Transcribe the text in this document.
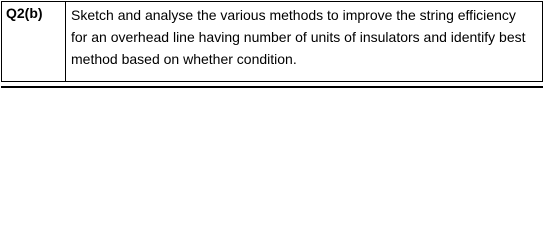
Q2(b)	Sketch and analyse the various methods to improve the string efficiency
for an overhead line having number of units of insulators and identify best
method based on whether condition.
